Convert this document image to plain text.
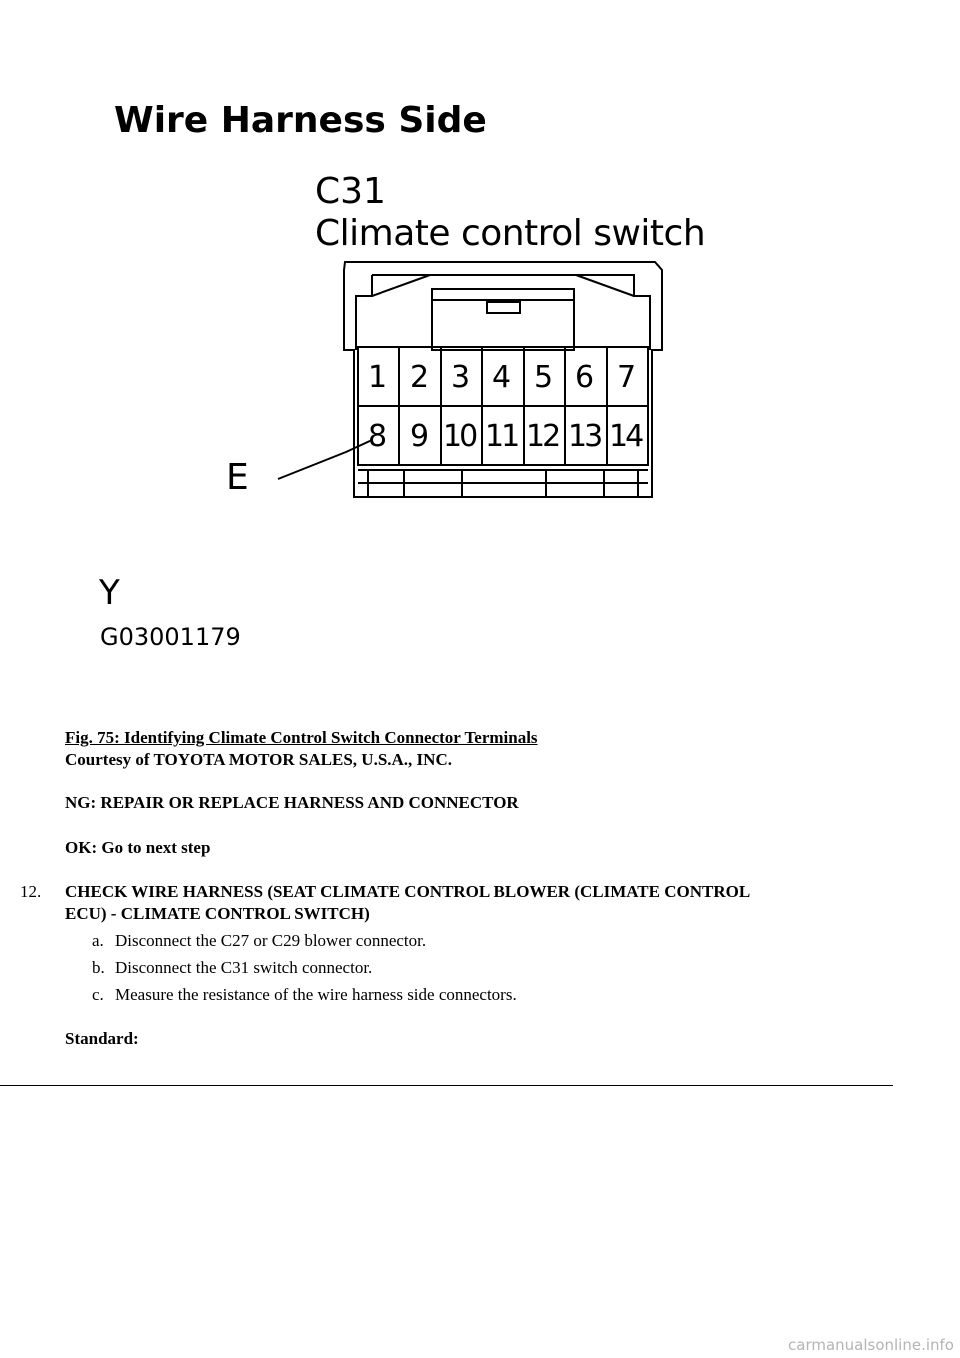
Wire Harness Side
C31
Climate control switch
1 2 3 4 5 6 7
8 9 10 11 12 13 14
E
Y
G03001179
Fig. 75: Identifying Climate Control Switch Connector Terminals
Courtesy of TOYOTA MOTOR SALES, U.S.A., INC.
NG: REPAIR OR REPLACE HARNESS AND CONNECTOR
OK: Go to next step
12. CHECK WIRE HARNESS (SEAT CLIMATE CONTROL BLOWER (CLIMATE CONTROL
ECU) - CLIMATE CONTROL SWITCH)
a. Disconnect the C27 or C29 blower connector.
b. Disconnect the C31 switch connector.
c. Measure the resistance of the wire harness side connectors.
Standard:
carmanualsonline.info
